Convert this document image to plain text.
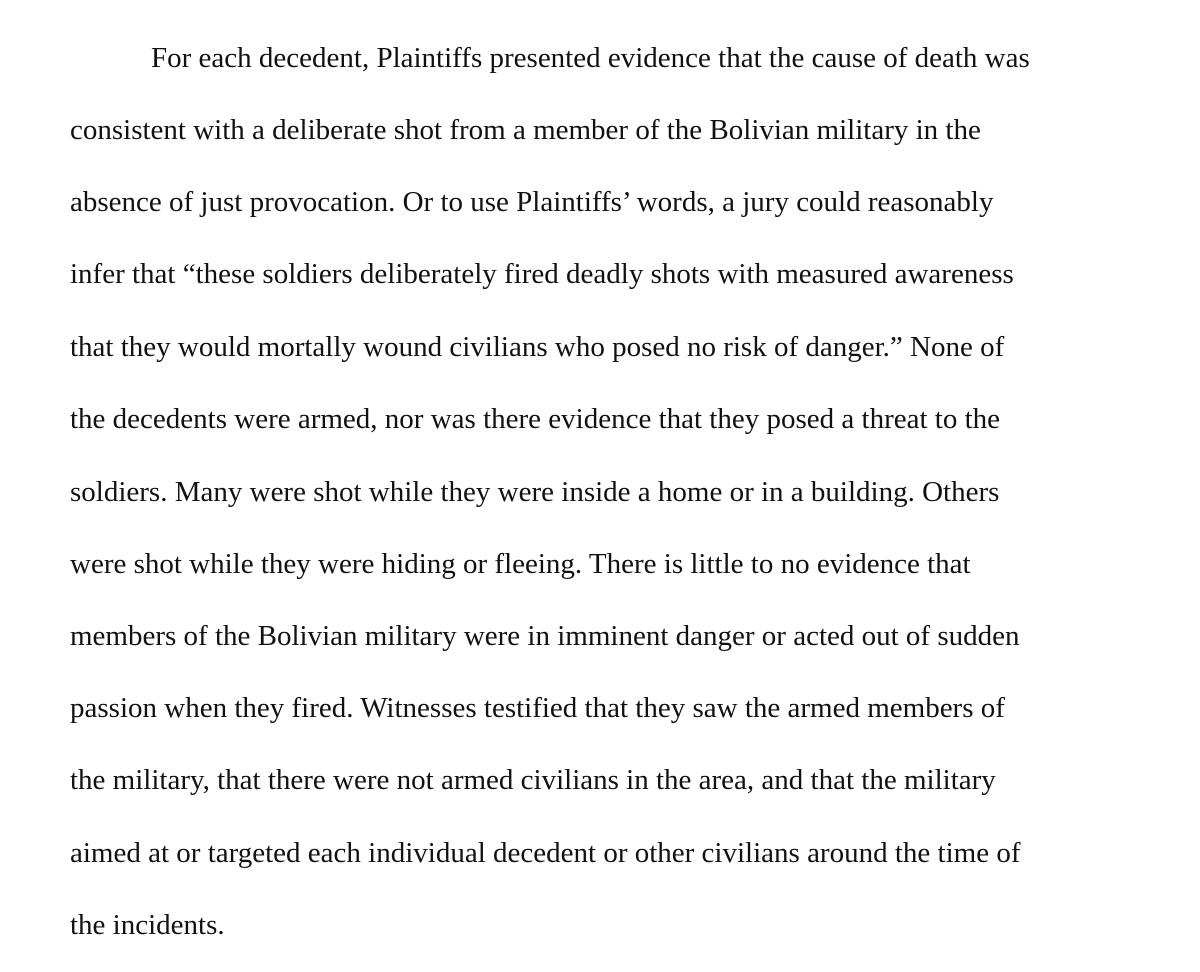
For each decedent, Plaintiffs presented evidence that the cause of death was

consistent with a deliberate shot from a member of the Bolivian military in the

absence of just provocation. Or to use Plaintiffs’ words, a jury could reasonably

infer that “these soldiers deliberately fired deadly shots with measured awareness

that they would mortally wound civilians who posed no risk of danger.” None of

the decedents were armed, nor was there evidence that they posed a threat to the

soldiers. Many were shot while they were inside a home or in a building. Others

were shot while they were hiding or fleeing. There is little to no evidence that

members of the Bolivian military were in imminent danger or acted out of sudden

passion when they fired. Witnesses testified that they saw the armed members of

the military, that there were not armed civilians in the area, and that the military

aimed at or targeted each individual decedent or other civilians around the time of

the incidents.
